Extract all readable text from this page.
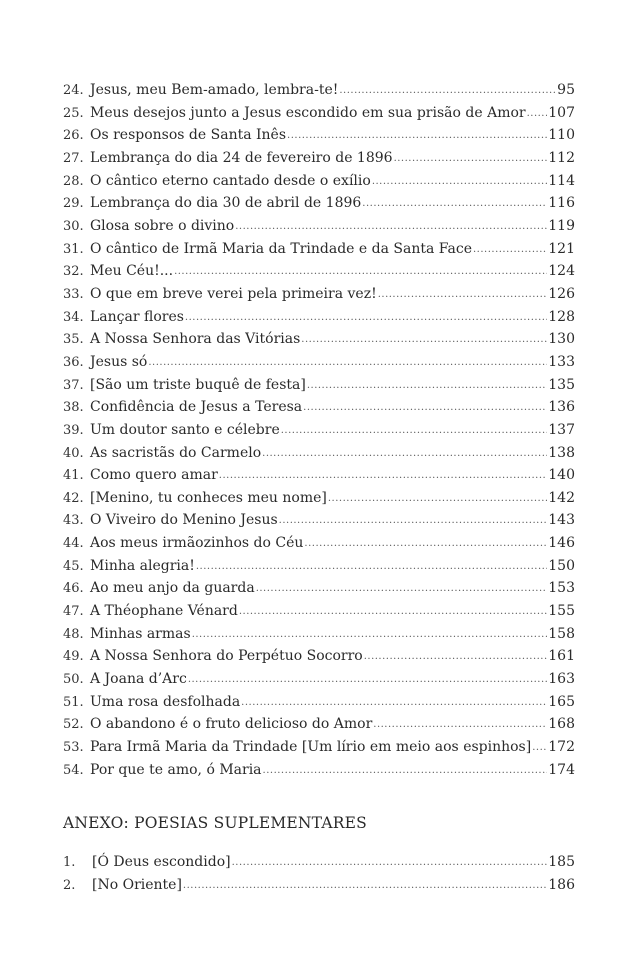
24. Jesus, meu Bem-amado, lembra-te! .....	95
25. Meus desejos junto a Jesus escondido em sua prisão de Amor ..... 107
26. Os responsos de Santa Inês .....	110
27. Lembrança do dia 24 de fevereiro de 1896 .....	112
28. O cântico eterno cantado desde o exílio .....	114
29. Lembrança do dia 30 de abril de 1896 .....	116
30. Glosa sobre o divino .....	119
31. O cântico de Irmã Maria da Trindade e da Santa Face .....	121
32. Meu Céu!... .....	124
33. O que em breve verei pela primeira vez! .....	126
34. Lançar flores .....	128
35. A Nossa Senhora das Vitórias .....	130
36. Jesus só .....	133
37. [São um triste buquê de festa] .....	135
38. Confidência de Jesus a Teresa .....	136
39. Um doutor santo e célebre .....	137
40. As sacristãs do Carmelo .....	138
41. Como quero amar .....	140
42. [Menino, tu conheces meu nome] .....	142
43. O Viveiro do Menino Jesus .....	143
44. Aos meus irmãozinhos do Céu .....	146
45. Minha alegria! .....	150
46. Ao meu anjo da guarda .....	153
47. A Théophane Vénard .....	155
48. Minhas armas .....	158
49. A Nossa Senhora do Perpétuo Socorro .....	161
50. A Joana d’Arc .....	163
51. Uma rosa desfolhada .....	165
52. O abandono é o fruto delicioso do Amor .....	168
53. Para Irmã Maria da Trindade [Um lírio em meio aos espinhos] ..... 172
54. Por que te amo, ó Maria .....	174
ANEXO: POESIAS SUPLEMENTARES
1.	[Ó Deus escondido] .....	185
2.	[No Oriente] .....	186
